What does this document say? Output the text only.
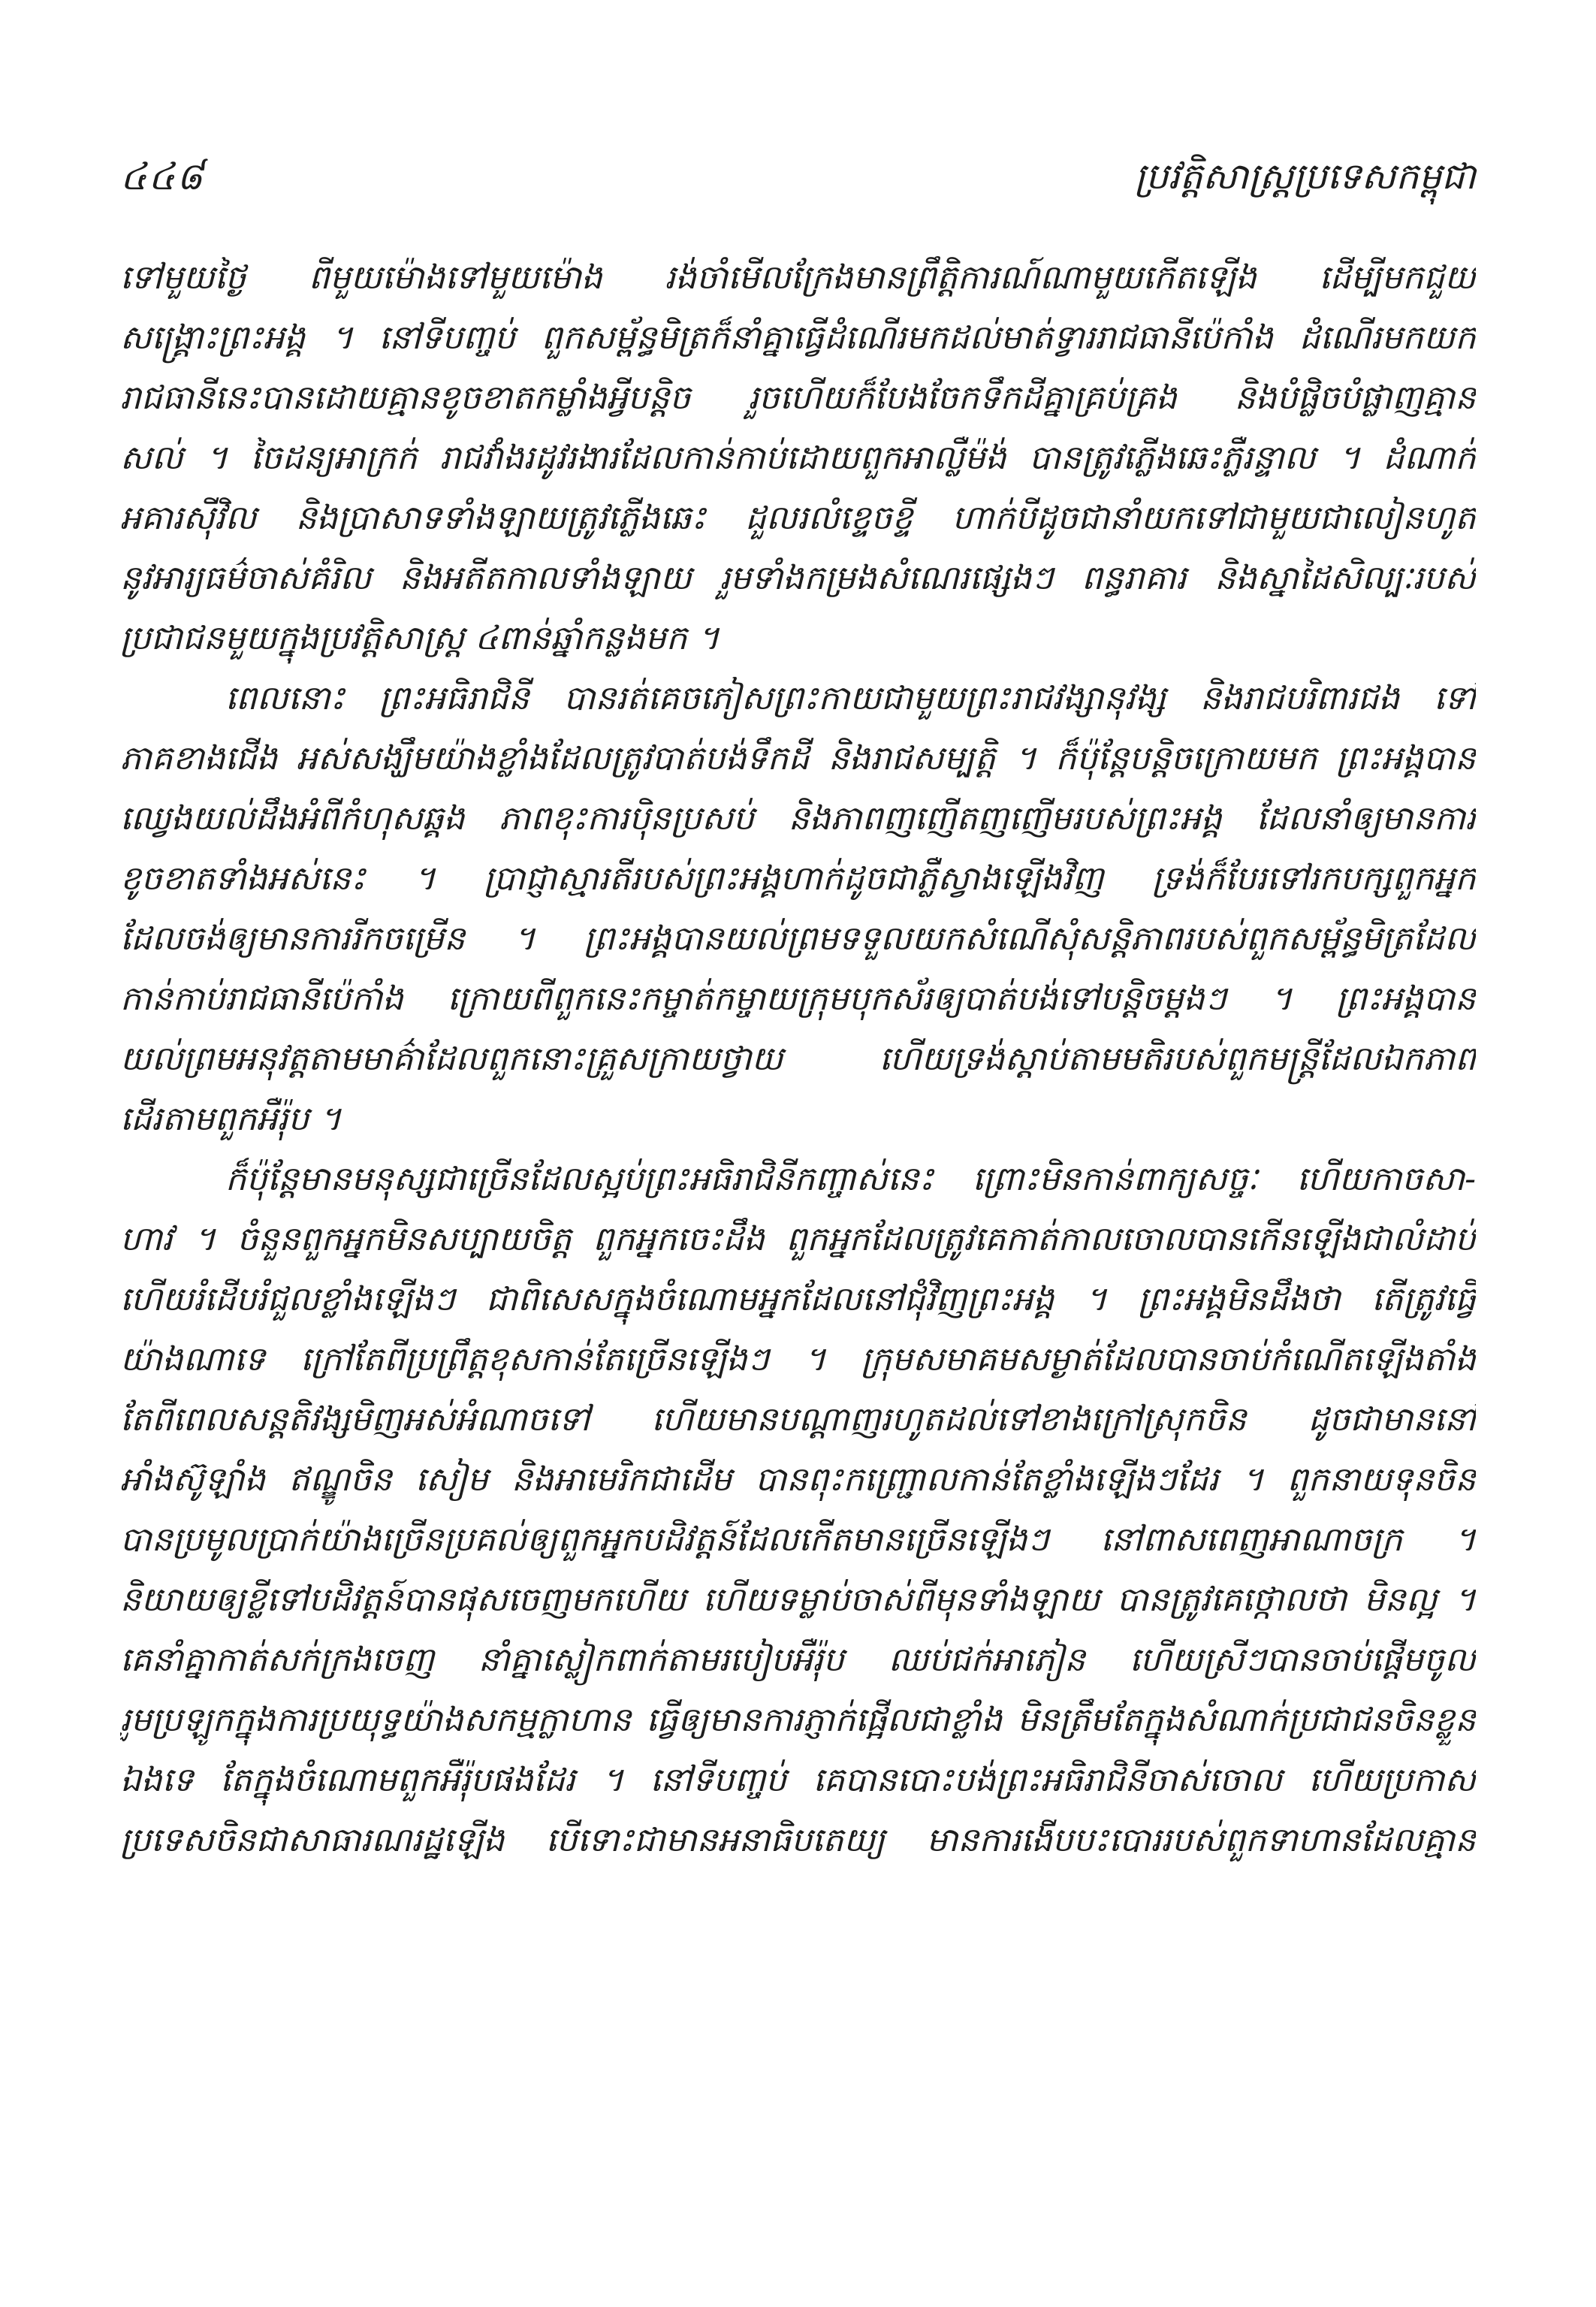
៤៤៨	ប្រវត្តិសាស្ត្រប្រទេសកម្ពុជា
ទៅមួយថ្ងៃ ពីមួយម៉ោងទៅមួយម៉ោង រង់ចាំមើលក្រែងមានព្រឹត្តិការណ៍ណាមួយកើតឡើង ដើម្បីមកជួយ
សង្គ្រោះព្រះអង្គ ។ នៅទីបញ្ចប់ ពួកសម្ព័ន្ធមិត្រក៏នាំគ្នាធ្វើដំណើរមកដល់មាត់ទ្វាររាជធានីប៉េកាំង ដំណើរមកយក
រាជធានីនេះបានដោយគ្មានខូចខាតកម្លាំងអ្វីបន្តិច រួចហើយក៏បែងចែកទឹកដីគ្នាគ្រប់គ្រង និងបំផ្លិចបំផ្លាញគ្មាន
សល់ ។ ចៃដន្យអាក្រក់ រាជវាំងរដូវរងារដែលកាន់កាប់ដោយពួកអាល្លឺម៉ង់ បានត្រូវភ្លើងឆេះភ្លឺរន្ទាល ។ ដំណាក់
អគារស៊ីវិល និងប្រាសាទទាំងឡាយត្រូវភ្លើងឆេះ ដួលរលំខ្ទេចខ្ទី ហាក់បីដូចជានាំយកទៅជាមួយជាលៀនហូត
នូវអារ្យធម៌ចាស់គំរិល និងអតីតកាលទាំងឡាយ រួមទាំងកម្រងសំណេរផ្សេងៗ ពន្ធរាគារ និងស្នាដៃសិល្បៈរបស់
ប្រជាជនមួយក្នុងប្រវត្តិសាស្ត្រ ៤ពាន់ឆ្នាំកន្លងមក ។
ពេលនោះ ព្រះអធិរាជិនី បានរត់គេចភៀសព្រះកាយជាមួយព្រះរាជវង្សានុវង្ស និងរាជបរិពារជង ទៅ
ភាគខាងជើង អស់សង្ឃឹមយ៉ាងខ្លាំងដែលត្រូវបាត់បង់ទឹកដី និងរាជសម្បត្តិ ។ ក៏ប៉ុន្តែបន្តិចក្រោយមក ព្រះអង្គបាន
ឈ្វេងយល់ដឹងអំពីកំហុសឆ្គង ភាពខុះការប៉ិនប្រសប់ និងភាពញញើតញញើមរបស់ព្រះអង្គ ដែលនាំឲ្យមានការ
ខូចខាតទាំងអស់នេះ ។ ប្រាជ្ញាស្មារតីរបស់ព្រះអង្គហាក់ដូចជាភ្លឺស្វាងឡើងវិញ ទ្រង់ក៏បែរទៅរកបក្សពួកអ្នក
ដែលចង់ឲ្យមានការរីកចម្រើន ។ ព្រះអង្គបានយល់ព្រមទទួលយកសំណើសុំសន្តិភាពរបស់ពួកសម្ព័ន្ធមិត្រដែល
កាន់កាប់រាជធានីប៉េកាំង ក្រោយពីពួកនេះកម្ចាត់កម្ចាយក្រុមបុកស័រឲ្យបាត់បង់ទៅបន្តិចម្តងៗ ។ ព្រះអង្គបាន
យល់ព្រមអនុវត្តតាមមាគ៌ាដែលពួកនោះគ្រួសក្រាយថ្វាយ ហើយទ្រង់ស្តាប់តាមមតិរបស់ពួកមន្ត្រីដែលឯកភាព
ដើរតាមពួកអឺរ៉ុប ។
ក៏ប៉ុន្តែមានមនុស្សជាច្រើនដែលស្អប់ព្រះអធិរាជិនីកញ្ចាស់នេះ ព្រោះមិនកាន់ពាក្យសច្ចៈ ហើយកាចសា-
ហាវ ។ ចំនួនពួកអ្នកមិនសប្បាយចិត្ត ពួកអ្នកចេះដឹង ពួកអ្នកដែលត្រូវគេកាត់កាលចោលបានកើនឡើងជាលំដាប់
ហើយរំដើបរំជួលខ្លាំងឡើងៗ ជាពិសេសក្នុងចំណោមអ្នកដែលនៅជុំវិញព្រះអង្គ ។ ព្រះអង្គមិនដឹងថា តើត្រូវធ្វើ
យ៉ាងណាទេ ក្រៅតែពីប្រព្រឹត្តខុសកាន់តែច្រើនឡើងៗ ។ ក្រុមសមាគមសម្ងាត់ដែលបានចាប់កំណើតឡើងតាំង
តែពីពេលសន្តតិវង្សមិញអស់អំណាចទៅ ហើយមានបណ្តាញរហូតដល់ទៅខាងក្រៅស្រុកចិន ដូចជាមាននៅ
អាំងស៊ូឡាំង ឥណ្ឌូចិន សៀម និងអាមេរិកជាដើម បានពុះកញ្ជ្រោលកាន់តែខ្លាំងឡើងៗដែរ ។ ពួកនាយទុនចិន
បានប្រមូលប្រាក់យ៉ាងច្រើនប្រគល់ឲ្យពួកអ្នកបដិវត្តន៍ដែលកើតមានច្រើនឡើងៗ នៅពាសពេញអាណាចក្រ ។
និយាយឲ្យខ្លីទៅបដិវត្តន៍បានផុសចេញមកហើយ ហើយទម្លាប់ចាស់ពីមុនទាំងឡាយ បានត្រូវគេថ្កោលថា មិនល្អ ។
គេនាំគ្នាកាត់សក់ក្រងចេញ នាំគ្នាស្លៀកពាក់តាមរបៀបអឺរ៉ុប ឈប់ជក់អាភៀន ហើយស្រីៗបានចាប់ផ្តើមចូល
រួមប្រឡូកក្នុងការប្រយុទ្ធយ៉ាងសកម្មក្លាហាន ធ្វើឲ្យមានការភ្ញាក់ផ្អើលជាខ្លាំង មិនត្រឹមតែក្នុងសំណាក់ប្រជាជនចិនខ្លួន
ឯងទេ តែក្នុងចំណោមពួកអឺរ៉ុបផងដែរ ។ នៅទីបញ្ចប់ គេបានបោះបង់ព្រះអធិរាជិនីចាស់ចោល ហើយប្រកាស
ប្រទេសចិនជាសាធារណរដ្ឋឡើង បើទោះជាមានអនាធិបតេយ្យ មានការងើបបះបោររបស់ពួកទាហានដែលគ្មាន
